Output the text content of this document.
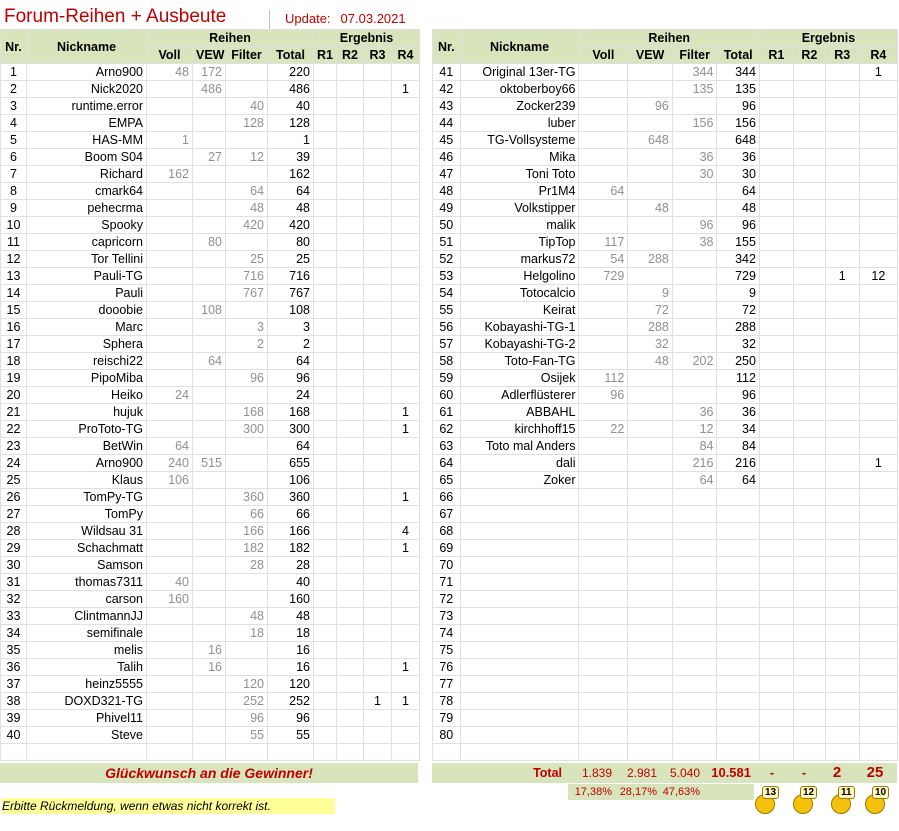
Forum-Reihen + Ausbeute	Update: 07.03.2021
Nr.	Nickname	Reihen				Ergebnis			
		Voll	VEW	Filter	Total	R1	R2	R3	R4
1	Arno900	48	172		220				
2	Nick2020		486		486				1
3	runtime.error			40	40				
4	EMPA			128	128				
5	HAS-MM	1			1				
6	Boom S04		27	12	39				
7	Richard	162			162				
8	cmark64			64	64				
9	pehecrma			48	48				
10	Spooky			420	420				
11	capricorn		80		80				
12	Tor Tellini			25	25				
13	Pauli-TG			716	716				
14	Pauli			767	767				
15	dooobie		108		108				
16	Marc			3	3				
17	Sphera			2	2				
18	reischi22		64		64				
19	PipoMiba			96	96				
20	Heiko	24			24				
21	hujuk			168	168				1
22	ProToto-TG			300	300				1
23	BetWin	64			64				
24	Arno900	240	515		655				
25	Klaus	106			106				
26	TomPy-TG			360	360				1
27	TomPy			66	66				
28	Wildsau 31			166	166				4
29	Schachmatt			182	182				1
30	Samson			28	28				
31	thomas7311	40			40				
32	carson	160			160				
33	ClintmannJJ			48	48				
34	semifinale			18	18				
35	melis		16		16				
36	Talih		16		16				1
37	heinz5555			120	120				
38	DOXD321-TG			252	252			1	1
39	Phivel11			96	96				
40	Steve			55	55				

Nr.	Nickname	Reihen				Ergebnis			
		Voll	VEW	Filter	Total	R1	R2	R3	R4
41	Original 13er-TG			344	344				1
42	oktoberboy66			135	135				
43	Zocker239		96		96				
44	luber			156	156				
45	TG-Vollsysteme		648		648				
46	Mika			36	36				
47	Toni Toto			30	30				
48	Pr1M4	64			64				
49	Volkstipper		48		48				
50	malik			96	96				
51	TipTop	117		38	155				
52	markus72	54	288		342				
53	Helgolino	729			729			1	12
54	Totocalcio		9		9				
55	Keirat		72		72				
56	Kobayashi-TG-1		288		288				
57	Kobayashi-TG-2		32		32				
58	Toto-Fan-TG		48	202	250				
59	Osijek	112			112				
60	Adlerflüsterer	96			96				
61	ABBAHL			36	36				
62	kirchhoff15	22		12	34				
63	Toto mal Anders			84	84				
64	dali			216	216				1
65	Zoker			64	64				
66									
67									
68									
69									
70									
71									
72									
73									
74									
75									
76									
77									
78									
79									
80									

Glückwunsch an die Gewinner!	Total	1.839	2.981	5.040 10.581	-	-	2	25
17,38% 28,17% 47,63%
Erbitte Rückmeldung, wenn etwas nicht korrekt ist.
13	12	11	10
